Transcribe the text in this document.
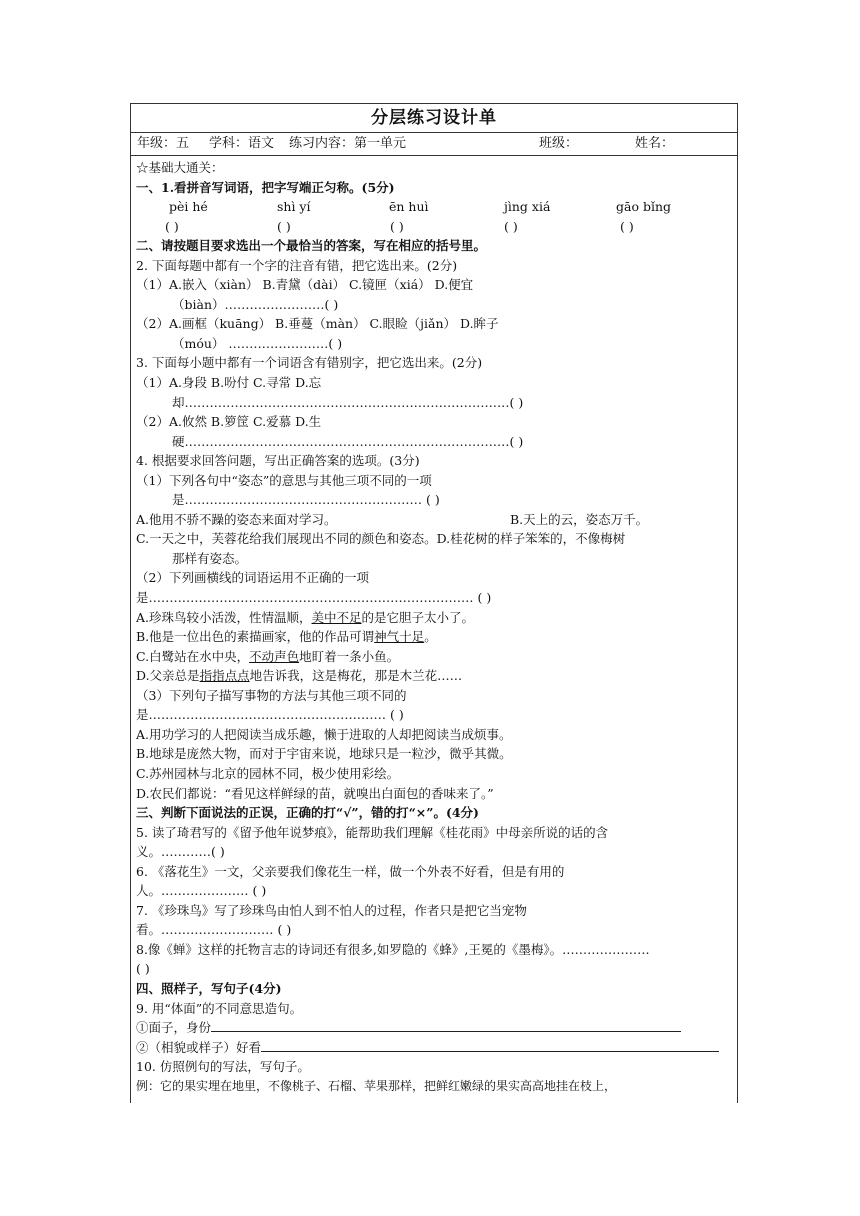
分层练习设计单
年级：五 学科：语文 练习内容：第一单元	班级：	姓名：
☆基础大通关：
一、1.看拼音写词语，把字写端正匀称。(5分)
pèi hé	shì yí	ēn huì	jìng xiá	gāo bǐng
( )	( )	( )	( )	( )
二、请按题目要求选出一个最恰当的答案，写在相应的括号里。
2. 下面每题中都有一个字的注音有错，把它选出来。(2分)
（1）A.嵌入（xiàn） B.青黛（dài） C.镜匣（xiá） D.便宜
（biàn）……………………( )
（2）A.画框（kuāng） B.垂蔓（màn） C.眼睑（jiǎn） D.眸子
（móu） ……………………( )
3. 下面每小题中都有一个词语含有错别字，把它选出来。(2分)
（1）A.身段 B.吩付 C.寻常 D.忘
却……………………………………………………………………( )
（2）A.攸然 B.箩筐 C.爱慕 D.生
硬……………………………………………………………………( )
4. 根据要求回答问题，写出正确答案的选项。(3分)
（1）下列各句中“姿态”的意思与其他三项不同的一项
是………………………………………………… ( )
A.他用不骄不躁的姿态来面对学习。	B.天上的云，姿态万千。
C.一天之中，芙蓉花给我们展现出不同的颜色和姿态。D.桂花树的样子笨笨的，不像梅树
那样有姿态。
（2）下列画横线的词语运用不正确的一项
是…………………………………………………………………… ( )
A.珍珠鸟较小活泼，性情温顺，美中不足的是它胆子太小了。
B.他是一位出色的素描画家，他的作品可谓神气十足。
C.白鹭站在水中央，不动声色地盯着一条小鱼。
D.父亲总是指指点点地告诉我，这是梅花，那是木兰花……
（3）下列句子描写事物的方法与其他三项不同的
是………………………………………………… ( )
A.用功学习的人把阅读当成乐趣，懒于进取的人却把阅读当成烦事。
B.地球是庞然大物，而对于宇宙来说，地球只是一粒沙，微乎其微。
C.苏州园林与北京的园林不同，极少使用彩绘。
D.农民们都说：“看见这样鲜绿的苗，就嗅出白面包的香味来了。”
三、判断下面说法的正误，正确的打“√”，错的打“×”。(4分)
5. 读了琦君写的《留予他年说梦痕》，能帮助我们理解《桂花雨》中母亲所说的话的含
义。…………( )
6. 《落花生》一文，父亲要我们像花生一样，做一个外表不好看，但是有用的
人。………………… ( )
7. 《珍珠鸟》写了珍珠鸟由怕人到不怕人的过程，作者只是把它当宠物
看。……………………… ( )
8.像《蝉》这样的托物言志的诗词还有很多,如罗隐的《蜂》,王冕的《墨梅》。…………………
( )
四、照样子，写句子(4分)
9. 用“体面”的不同意思造句。
①面子，身份
②（相貌或样子）好看
10. 仿照例句的写法，写句子。
例：它的果实埋在地里，不像桃子、石榴、苹果那样，把鲜红嫩绿的果实高高地挂在枝上，
